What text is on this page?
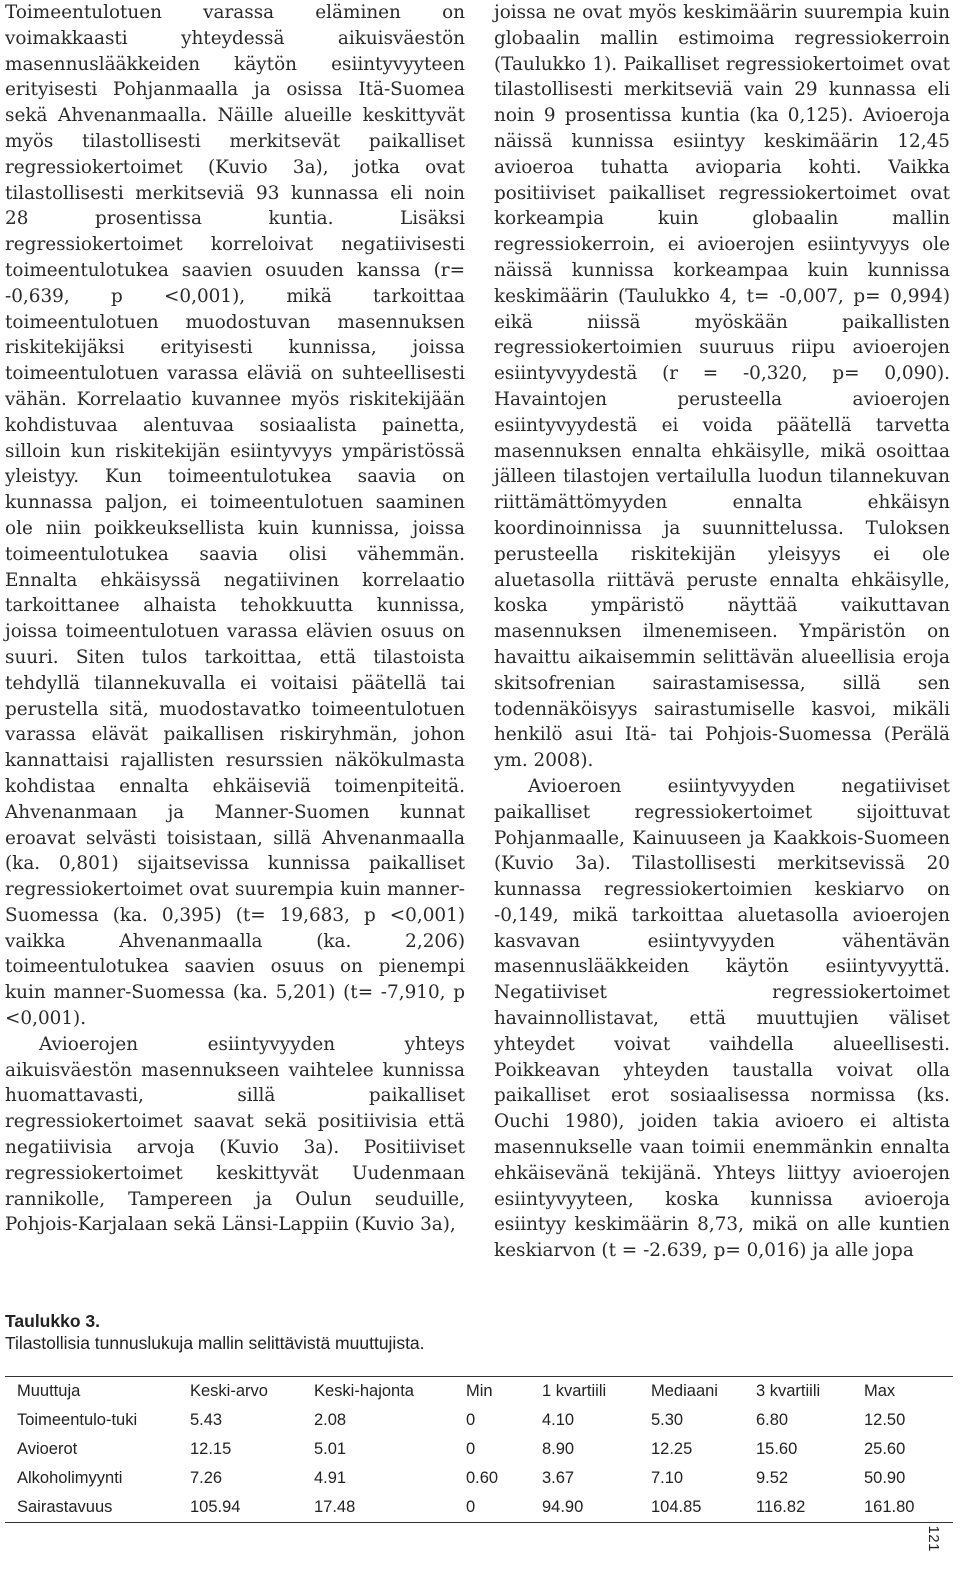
Toimeentulotuen varassa eläminen on voimakkaasti yhteydessä aikuisväestön masennuslääkkeiden käytön esiintyvyyteen erityisesti Pohjanmaalla ja osissa Itä-Suomea sekä Ahvenanmaalla. Näille alueille keskittyvät myös tilastollisesti merkitsevät paikalliset regressiokertoimet (Kuvio 3a), jotka ovat tilastollisesti merkitseviä 93 kunnassa eli noin 28 prosentissa kuntia. Lisäksi regressiokertoimet korreloivat negatiivisesti toimeentulotukea saavien osuuden kanssa (r= -0,639, p <0,001), mikä tarkoittaa toimeentulotuen muodostuvan masennuksen riskitekijäksi erityisesti kunnissa, joissa toimeentulotuen varassa eläviä on suhteellisesti vähän. Korrelaatio kuvannee myös riskitekijään kohdistuvaa alentuvaa sosiaalista painetta, silloin kun riskitekijän esiintyvyys ympäristössä yleistyy. Kun toimeentulotukea saavia on kunnassa paljon, ei toimeentulotuen saaminen ole niin poikkeuksellista kuin kunnissa, joissa toimeentulotukea saavia olisi vähemmän. Ennalta ehkäisyssä negatiivinen korrelaatio tarkoittanee alhaista tehokkuutta kunnissa, joissa toimeentulotuen varassa elävien osuus on suuri. Siten tulos tarkoittaa, että tilastoista tehdyllä tilannekuvalla ei voitaisi päätellä tai perustella sitä, muodostavatko toimeentulotuen varassa elävät paikallisen riskiryhmän, johon kannattaisi rajallisten resurssien näkökulmasta kohdistaa ennalta ehkäiseviä toimenpiteitä. Ahvenanmaan ja Manner-Suomen kunnat eroavat selvästi toisistaan, sillä Ahvenanmaalla (ka. 0,801) sijaitsevissa kunnissa paikalliset regressiokertoimet ovat suurempia kuin manner-Suomessa (ka. 0,395) (t= 19,683, p <0,001) vaikka Ahvenanmaalla (ka. 2,206) toimeentulotukea saavien osuus on pienempi kuin manner-Suomessa (ka. 5,201) (t= -7,910, p <0,001).

Avioerojen esiintyvyyden yhteys aikuisväestön masennukseen vaihtelee kunnissa huomattavasti, sillä paikalliset regressiokertoimet saavat sekä positiivisia että negatiivisia arvoja (Kuvio 3a). Positiiviset regressiokertoimet keskittyvät Uudenmaan rannikolle, Tampereen ja Oulun seuduille, Pohjois-Karjalaan sekä Länsi-Lappiin (Kuvio 3a),

joissa ne ovat myös keskimäärin suurempia kuin globaalin mallin estimoima regressiokerroin (Taulukko 1). Paikalliset regressiokertoimet ovat tilastollisesti merkitseviä vain 29 kunnassa eli noin 9 prosentissa kuntia (ka 0,125). Avioeroja näissä kunnissa esiintyy keskimäärin 12,45 avioeroa tuhatta avioparia kohti. Vaikka positiiviset paikalliset regressiokertoimet ovat korkeampia kuin globaalin mallin regressiokerroin, ei avioerojen esiintyvyys ole näissä kunnissa korkeampaa kuin kunnissa keskimäärin (Taulukko 4, t= -0,007, p= 0,994) eikä niissä myöskään paikallisten regressiokertoimien suuruus riipu avioerojen esiintyvyydestä (r = -0,320, p= 0,090). Havaintojen perusteella avioerojen esiintyvyydestä ei voida päätellä tarvetta masennuksen ennalta ehkäisylle, mikä osoittaa jälleen tilastojen vertailulla luodun tilannekuvan riittämättömyyden ennalta ehkäisyn koordinoinnissa ja suunnittelussa. Tuloksen perusteella riskitekijän yleisyys ei ole aluetasolla riittävä peruste ennalta ehkäisylle, koska ympäristö näyttää vaikuttavan masennuksen ilmenemiseen. Ympäristön on havaittu aikaisemmin selittävän alueellisia eroja skitsofrenian sairastamisessa, sillä sen todennäköisyys sairastumiselle kasvoi, mikäli henkilö asui Itä- tai Pohjois-Suomessa (Perälä ym. 2008).

Avioeroen esiintyvyyden negatiiviset paikalliset regressiokertoimet sijoittuvat Pohjanmaalle, Kainuuseen ja Kaakkois-Suomeen (Kuvio 3a). Tilastollisesti merkitsevissä 20 kunnassa regressiokertoimien keskiarvo on -0,149, mikä tarkoittaa aluetasolla avioerojen kasvavan esiintyvyyden vähentävän masennuslääkkeiden käytön esiintyvyyttä. Negatiiviset regressiokertoimet havainnollistavat, että muuttujien väliset yhteydet voivat vaihdella alueellisesti. Poikkeavan yhteyden taustalla voivat olla paikalliset erot sosiaalisessa normissa (ks. Ouchi 1980), joiden takia avioero ei altista masennukselle vaan toimii enemmänkin ennalta ehkäisevänä tekijänä. Yhteys liittyy avioerojen esiintyvyyteen, koska kunnissa avioeroja esiintyy keskimäärin 8,73, mikä on alle kuntien keskiarvon (t = -2.639, p= 0,016) ja alle jopa

Taulukko 3.
Tilastollisia tunnuslukuja mallin selittävistä muuttujista.

Muuttuja	Keski-arvo	Keski-hajonta	Min	1 kvartiili	Mediaani	3 kvartiili	Max
Toimeentulo-tuki	5.43	2.08	0	4.10	5.30	6.80	12.50
Avioerot	12.15	5.01	0	8.90	12.25	15.60	25.60
Alkoholimyynti	7.26	4.91	0.60	3.67	7.10	9.52	50.90
Sairastavuus	105.94	17.48	0	94.90	104.85	116.82	161.80

121
